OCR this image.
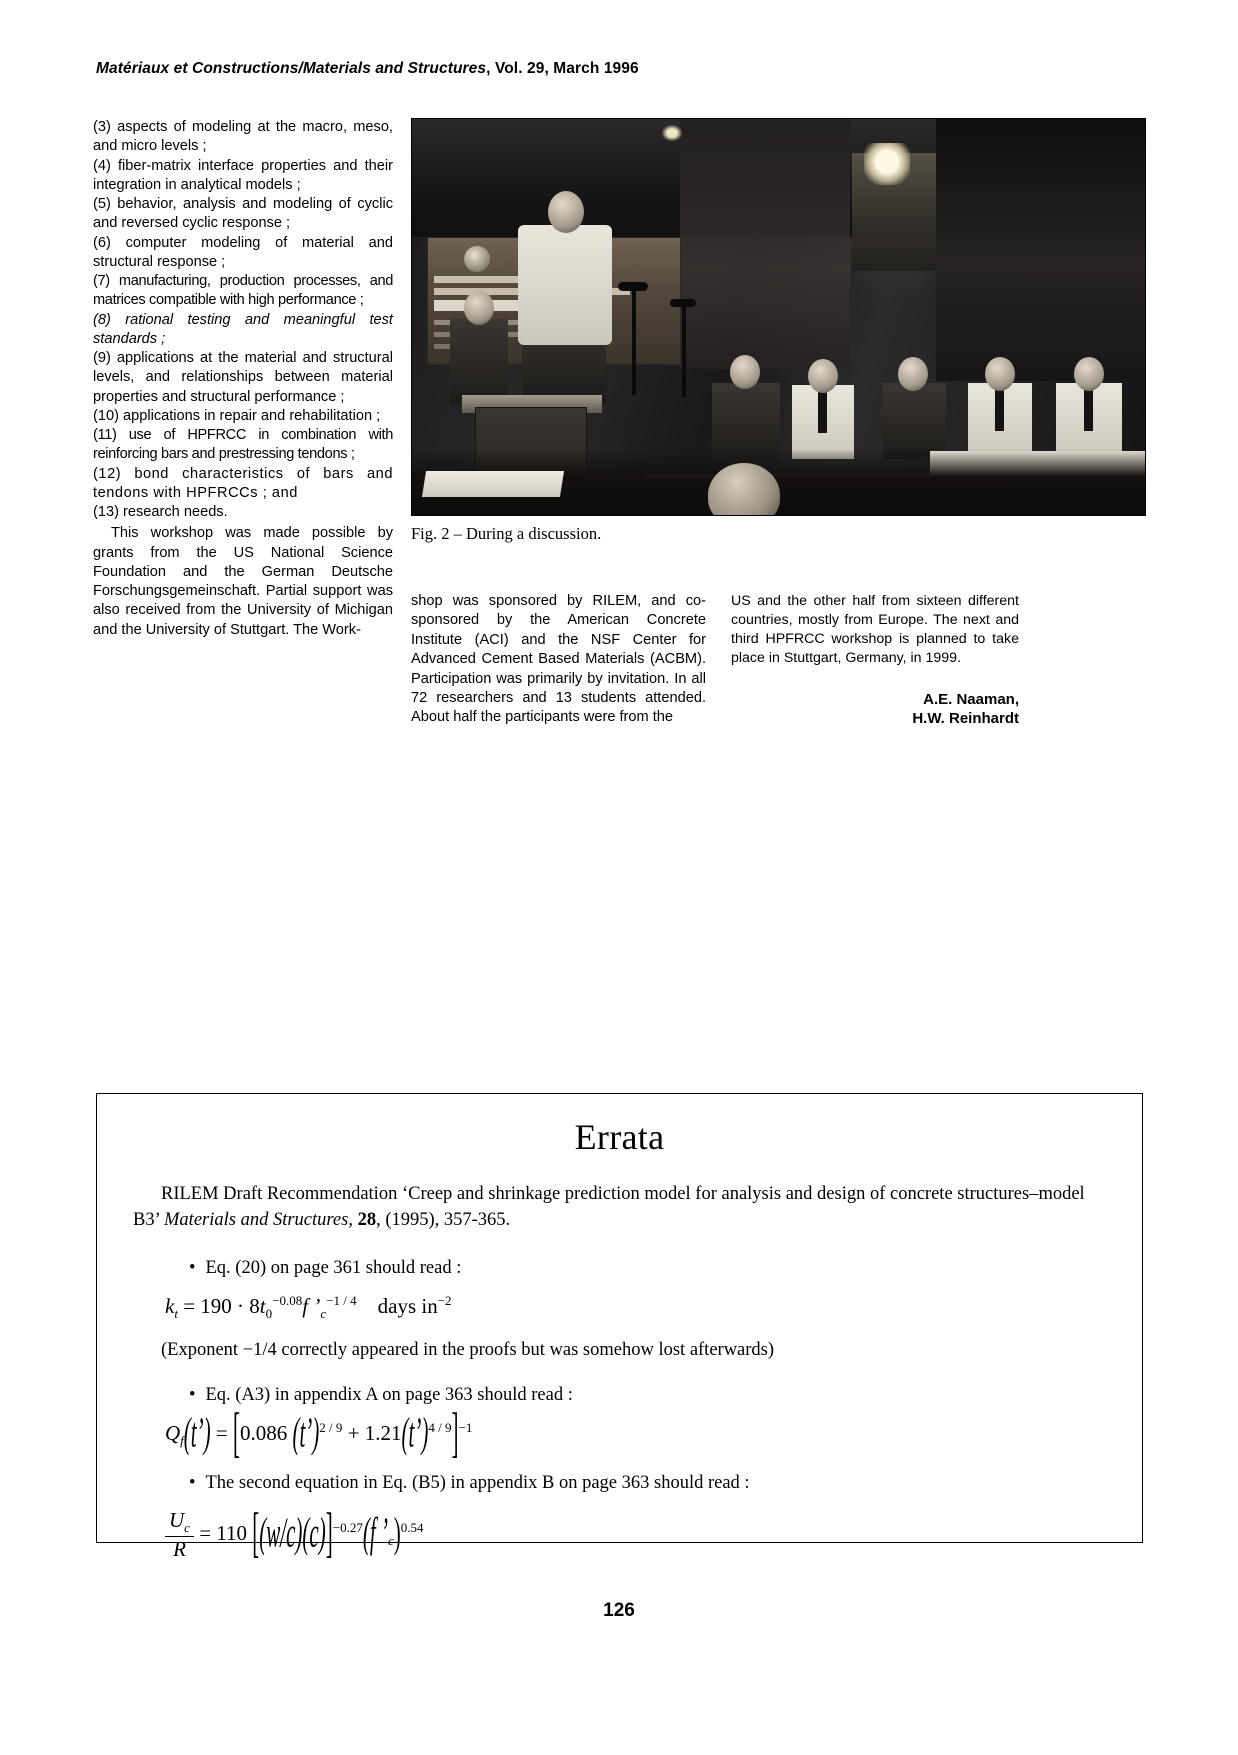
Matériaux et Constructions/Materials and Structures, Vol. 29, March 1996

(3) aspects of modeling at the macro, meso, and micro levels ;

(4) fiber-matrix interface properties and their integration in analytical models ;

(5) behavior, analysis and modeling of cyclic and reversed cyclic response ;

(6) computer modeling of material and structural response ;

(7) manufacturing, production processes, and matrices compatible with high performance ;

(8) rational testing and meaningful test standards ;

(9) applications at the material and structural levels, and relationships between material properties and structural performance ;

(10) applications in repair and rehabilitation ;

(11) use of HPFRCC in combination with reinforcing bars and prestressing tendons ;

(12) bond characteristics of bars and tendons with HPFRCCs ; and

(13) research needs.

This workshop was made possible by grants from the US National Science Foundation and the German Deutsche Forschungsgemeinschaft. Partial support was also received from the University of Michigan and the University of Stuttgart. The Work-

Fig. 2 – During a discussion.

shop was sponsored by RILEM, and co-sponsored by the American Concrete Institute (ACI) and the NSF Center for Advanced Cement Based Materials (ACBM). Participation was primarily by invitation. In all 72 researchers and 13 students attended. About half the participants were from the

US and the other half from sixteen different countries, mostly from Europe. The next and third HPFRCC workshop is planned to take place in Stuttgart, Germany, in 1999.

A.E. Naaman,
H.W. Reinhardt
Errata
RILEM Draft Recommendation ‘Creep and shrinkage prediction model for analysis and design of concrete structures–model B3’ Materials and Structures, 28, (1995), 357-365.
• Eq. (20) on page 361 should read :
$k_t = 190 \cdot 8t_0^{-0.08}f$ $’_c^{-1 / 4}$ days $in^{-2}$
(Exponent −1/4 correctly appeared in the proofs but was somehow lost afterwards)
• Eq. (A3) in appendix A on page 363 should read :
$Q_f(t’) = [0.086$ (t’)$^{2 / 9}$ + 1.21(t’)$^{4 / 9}$]$^{-1}$
• The second equation in Eq. (B5) in appendix B on page 363 should read :
$\frac{U_c}{R} = 110$ $[(w/c)(c)]^{-0.27}(f$ $’_c)^{0.54}$
126
